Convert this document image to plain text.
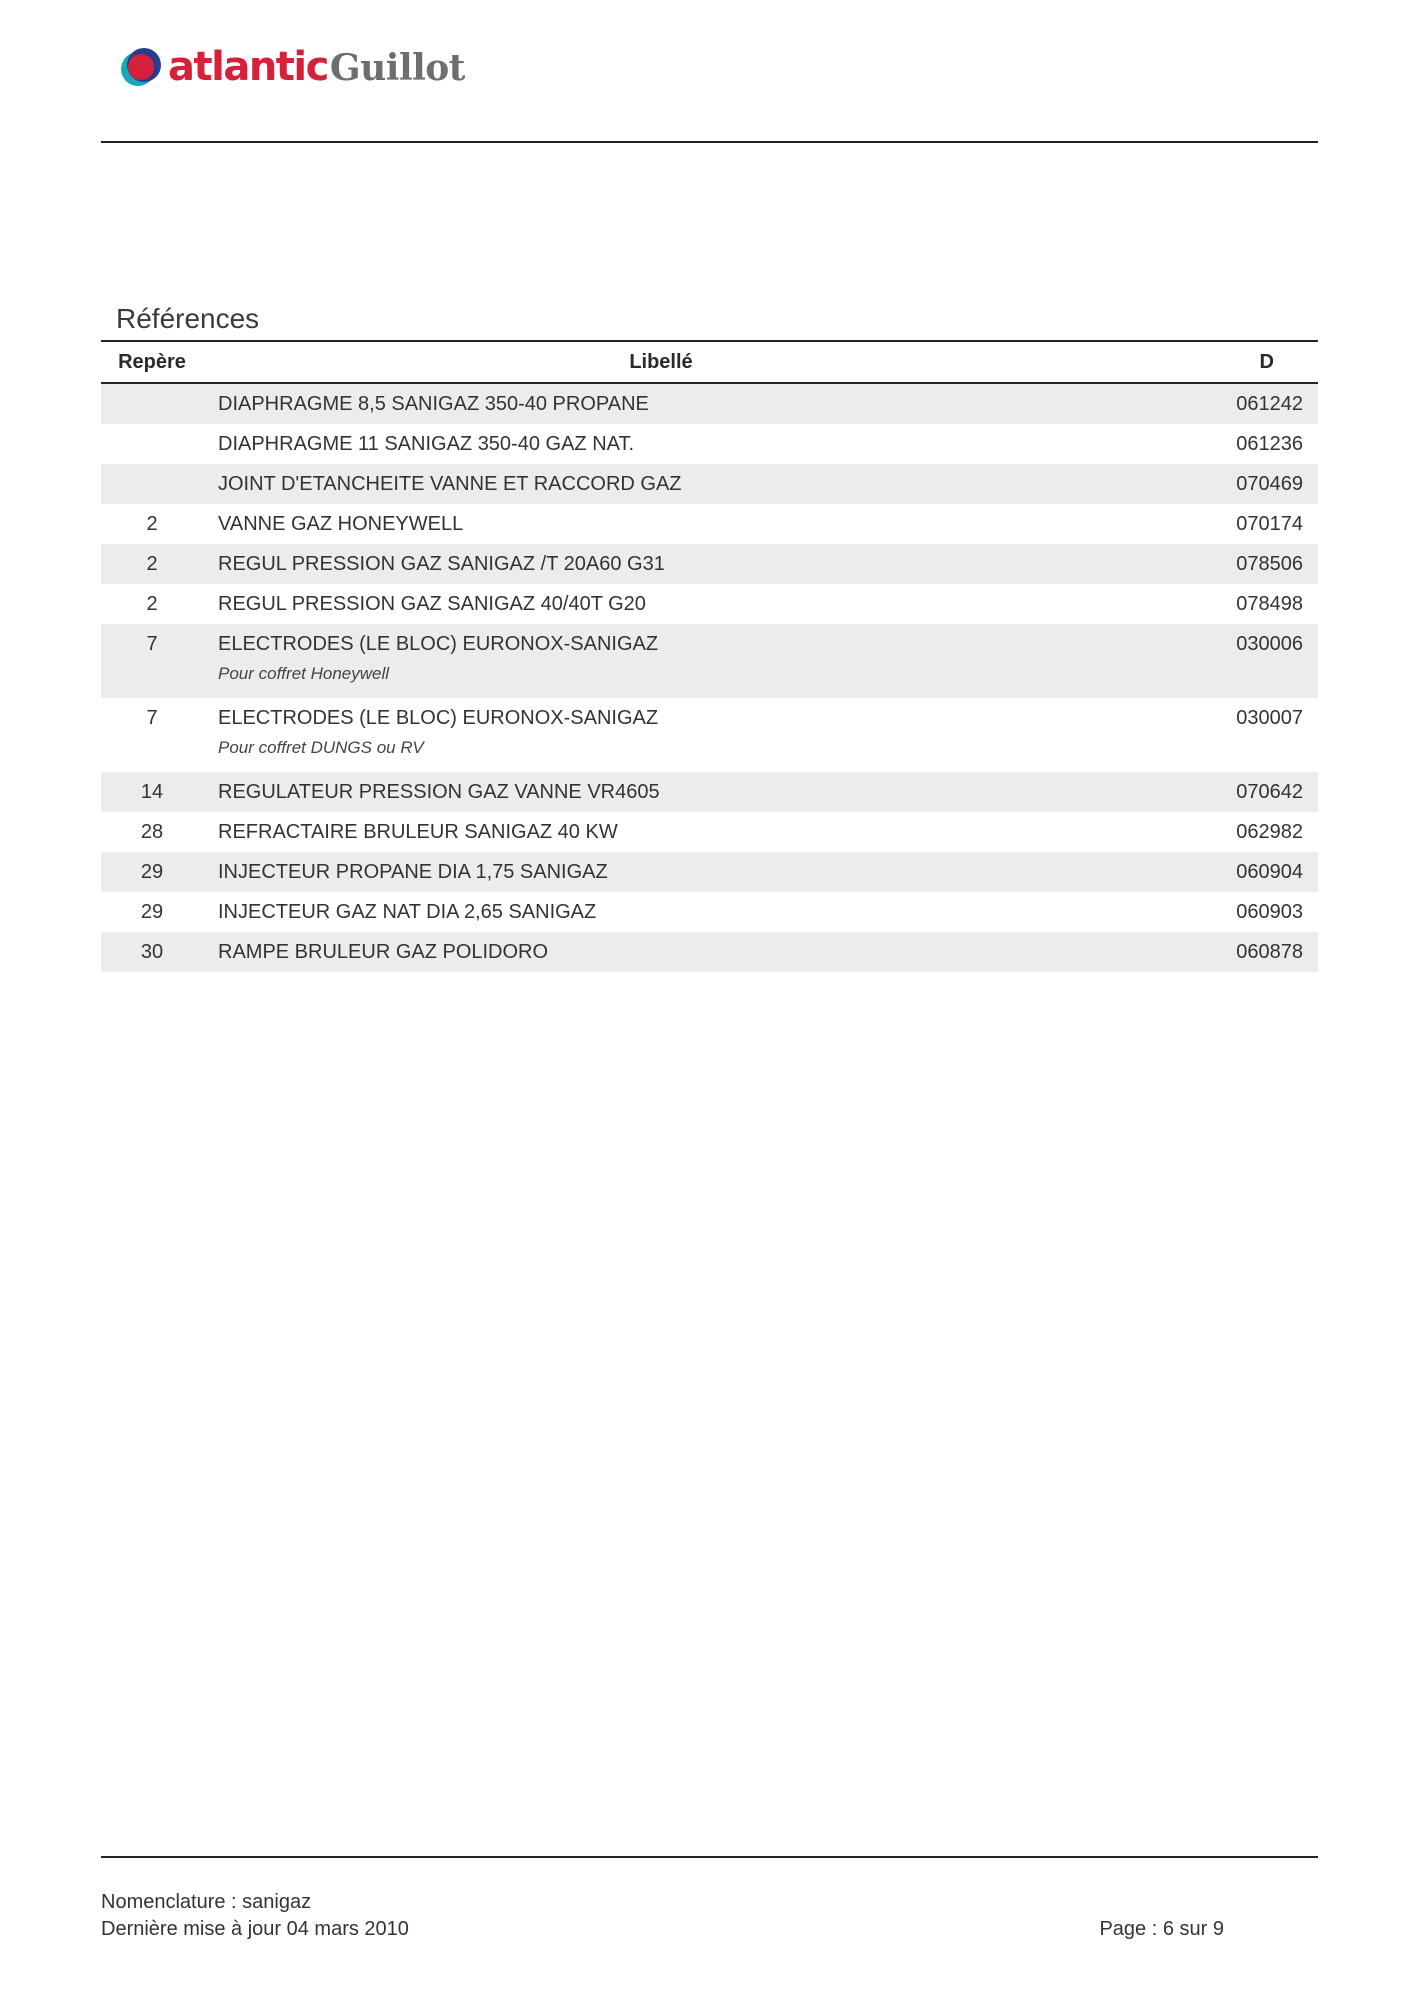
atlantic Guillot
Références
Repère	Libellé	D
	DIAPHRAGME 8,5 SANIGAZ 350-40 PROPANE	061242
	DIAPHRAGME 11 SANIGAZ 350-40 GAZ NAT.	061236
	JOINT D'ETANCHEITE VANNE ET RACCORD GAZ	070469
2	VANNE GAZ HONEYWELL	070174
2	REGUL PRESSION GAZ SANIGAZ /T 20A60 G31	078506
2	REGUL PRESSION GAZ SANIGAZ 40/40T G20	078498
7	ELECTRODES (LE BLOC) EURONOX-SANIGAZ	030006
	Pour coffret Honeywell	
7	ELECTRODES (LE BLOC) EURONOX-SANIGAZ	030007
	Pour coffret DUNGS ou RV	
14	REGULATEUR PRESSION GAZ VANNE VR4605	070642
28	REFRACTAIRE BRULEUR SANIGAZ 40 KW	062982
29	INJECTEUR PROPANE DIA 1,75 SANIGAZ	060904
29	INJECTEUR GAZ NAT DIA 2,65 SANIGAZ	060903
30	RAMPE BRULEUR GAZ POLIDORO	060878
Nomenclature : sanigaz
Dernière mise à jour 04 mars 2010	Page : 6 sur 9
